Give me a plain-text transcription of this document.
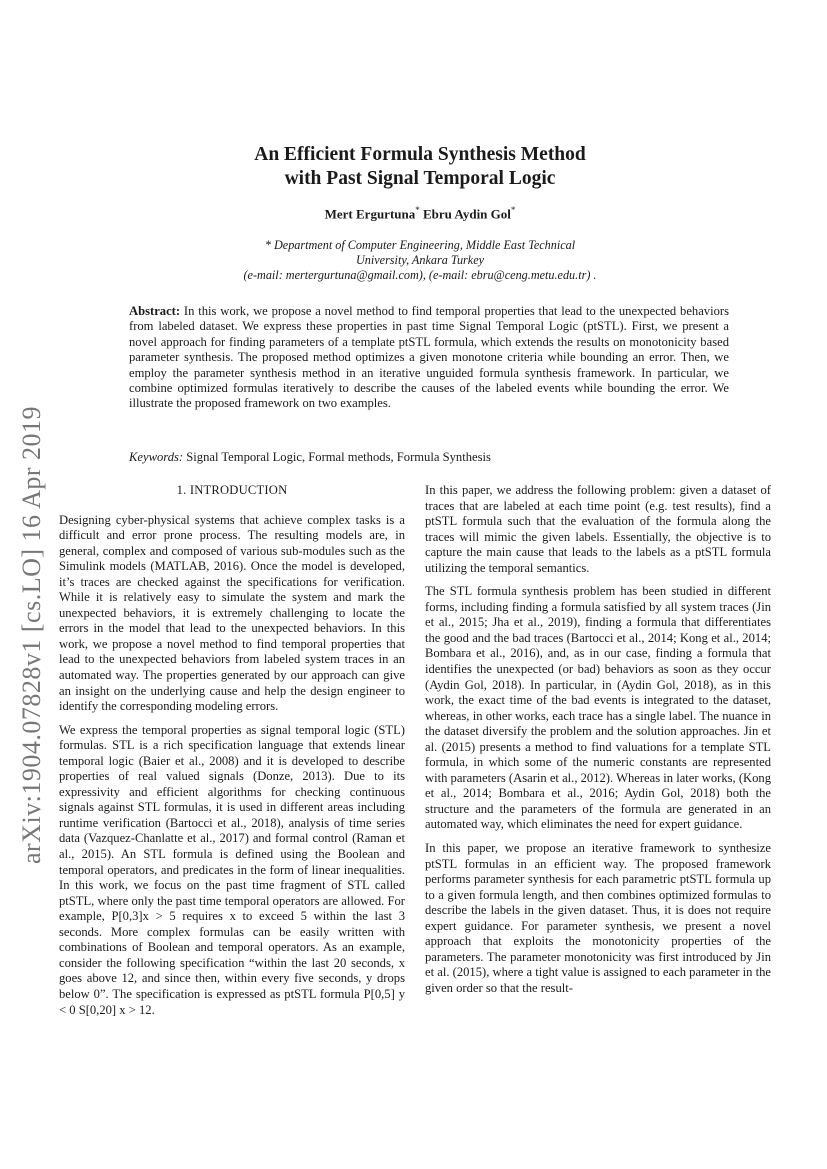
arXiv:1904.07828v1 [cs.LO] 16 Apr 2019
An Efficient Formula Synthesis Method
with Past Signal Temporal Logic
Mert Ergurtuna* Ebru Aydin Gol*
* Department of Computer Engineering, Middle East Technical
University, Ankara Turkey
(e-mail: mertergurtuna@gmail.com), (e-mail: ebru@ceng.metu.edu.tr) .
Abstract: In this work, we propose a novel method to find temporal properties that lead to the unexpected behaviors from labeled dataset. We express these properties in past time Signal Temporal Logic (ptSTL). First, we present a novel approach for finding parameters of a template ptSTL formula, which extends the results on monotonicity based parameter synthesis. The proposed method optimizes a given monotone criteria while bounding an error. Then, we employ the parameter synthesis method in an iterative unguided formula synthesis framework. In particular, we combine optimized formulas iteratively to describe the causes of the labeled events while bounding the error. We illustrate the proposed framework on two examples.
Keywords: Signal Temporal Logic, Formal methods, Formula Synthesis
1. INTRODUCTION

Designing cyber-physical systems that achieve complex tasks is a difficult and error prone process. The resulting models are, in general, complex and composed of various sub-modules such as the Simulink models (MATLAB, 2016). Once the model is developed, it’s traces are checked against the specifications for verification. While it is relatively easy to simulate the system and mark the unexpected behaviors, it is extremely challenging to locate the errors in the model that lead to the unexpected behaviors. In this work, we propose a novel method to find temporal properties that lead to the unexpected behaviors from labeled system traces in an automated way. The properties generated by our approach can give an insight on the underlying cause and help the design engineer to identify the corresponding modeling errors.

We express the temporal properties as signal temporal logic (STL) formulas. STL is a rich specification language that extends linear temporal logic (Baier et al., 2008) and it is developed to describe properties of real valued signals (Donze, 2013). Due to its expressivity and efficient algorithms for checking continuous signals against STL formulas, it is used in different areas including runtime verification (Bartocci et al., 2018), analysis of time series data (Vazquez-Chanlatte et al., 2017) and formal control (Raman et al., 2015). An STL formula is defined using the Boolean and temporal operators, and predicates in the form of linear inequalities. In this work, we focus on the past time fragment of STL called ptSTL, where only the past time temporal operators are allowed. For example, P[0,3]x > 5 requires x to exceed 5 within the last 3 seconds. More complex formulas can be easily written with combinations of Boolean and temporal operators. As an example, consider the following specification “within the last 20 seconds, x goes above 12, and since then, within every five seconds, y drops below 0”. The specification is expressed as ptSTL formula P[0,5] y < 0 S[0,20] x > 12.

In this paper, we address the following problem: given a dataset of traces that are labeled at each time point (e.g. test results), find a ptSTL formula such that the evaluation of the formula along the traces will mimic the given labels. Essentially, the objective is to capture the main cause that leads to the labels as a ptSTL formula utilizing the temporal semantics.

The STL formula synthesis problem has been studied in different forms, including finding a formula satisfied by all system traces (Jin et al., 2015; Jha et al., 2019), finding a formula that differentiates the good and the bad traces (Bartocci et al., 2014; Kong et al., 2014; Bombara et al., 2016), and, as in our case, finding a formula that identifies the unexpected (or bad) behaviors as soon as they occur (Aydin Gol, 2018). In particular, in (Aydin Gol, 2018), as in this work, the exact time of the bad events is integrated to the dataset, whereas, in other works, each trace has a single label. The nuance in the dataset diversify the problem and the solution approaches. Jin et al. (2015) presents a method to find valuations for a template STL formula, in which some of the numeric constants are represented with parameters (Asarin et al., 2012). Whereas in later works, (Kong et al., 2014; Bombara et al., 2016; Aydin Gol, 2018) both the structure and the parameters of the formula are generated in an automated way, which eliminates the need for expert guidance.

In this paper, we propose an iterative framework to synthesize ptSTL formulas in an efficient way. The proposed framework performs parameter synthesis for each parametric ptSTL formula up to a given formula length, and then combines optimized formulas to describe the labels in the given dataset. Thus, it is does not require expert guidance. For parameter synthesis, we present a novel approach that exploits the monotonicity properties of the parameters. The parameter monotonicity was first introduced by Jin et al. (2015), where a tight value is assigned to each parameter in the given order so that the result-
